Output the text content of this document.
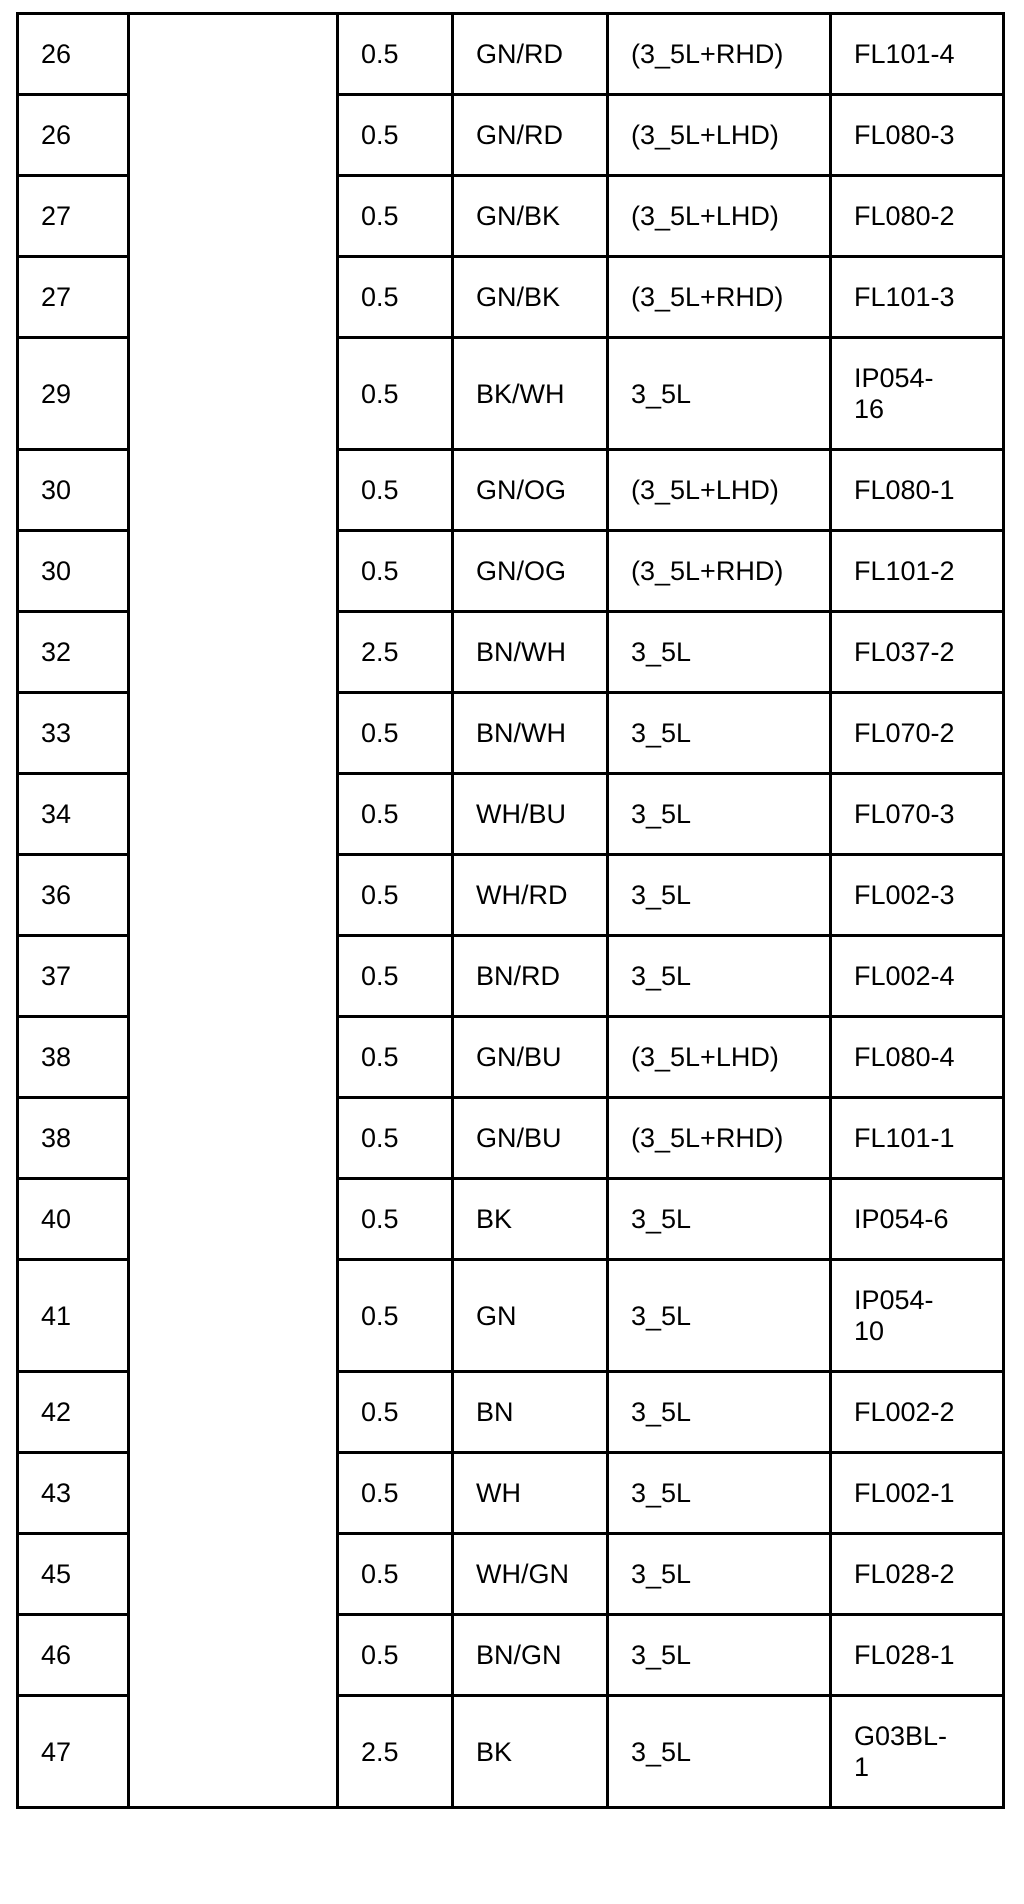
26		0.5	GN/RD	(3_5L+RHD)	FL101-4
26		0.5	GN/RD	(3_5L+LHD)	FL080-3
27		0.5	GN/BK	(3_5L+LHD)	FL080-2
27		0.5	GN/BK	(3_5L+RHD)	FL101-3
29		0.5	BK/WH	3_5L	IP054-
16
30		0.5	GN/OG	(3_5L+LHD)	FL080-1
30		0.5	GN/OG	(3_5L+RHD)	FL101-2
32		2.5	BN/WH	3_5L	FL037-2
33		0.5	BN/WH	3_5L	FL070-2
34		0.5	WH/BU	3_5L	FL070-3
36		0.5	WH/RD	3_5L	FL002-3
37		0.5	BN/RD	3_5L	FL002-4
38		0.5	GN/BU	(3_5L+LHD)	FL080-4
38		0.5	GN/BU	(3_5L+RHD)	FL101-1
40		0.5	BK	3_5L	IP054-6
41		0.5	GN	3_5L	IP054-
10
42		0.5	BN	3_5L	FL002-2
43		0.5	WH	3_5L	FL002-1
45		0.5	WH/GN	3_5L	FL028-2
46		0.5	BN/GN	3_5L	FL028-1
47		2.5	BK	3_5L	G03BL-
1
